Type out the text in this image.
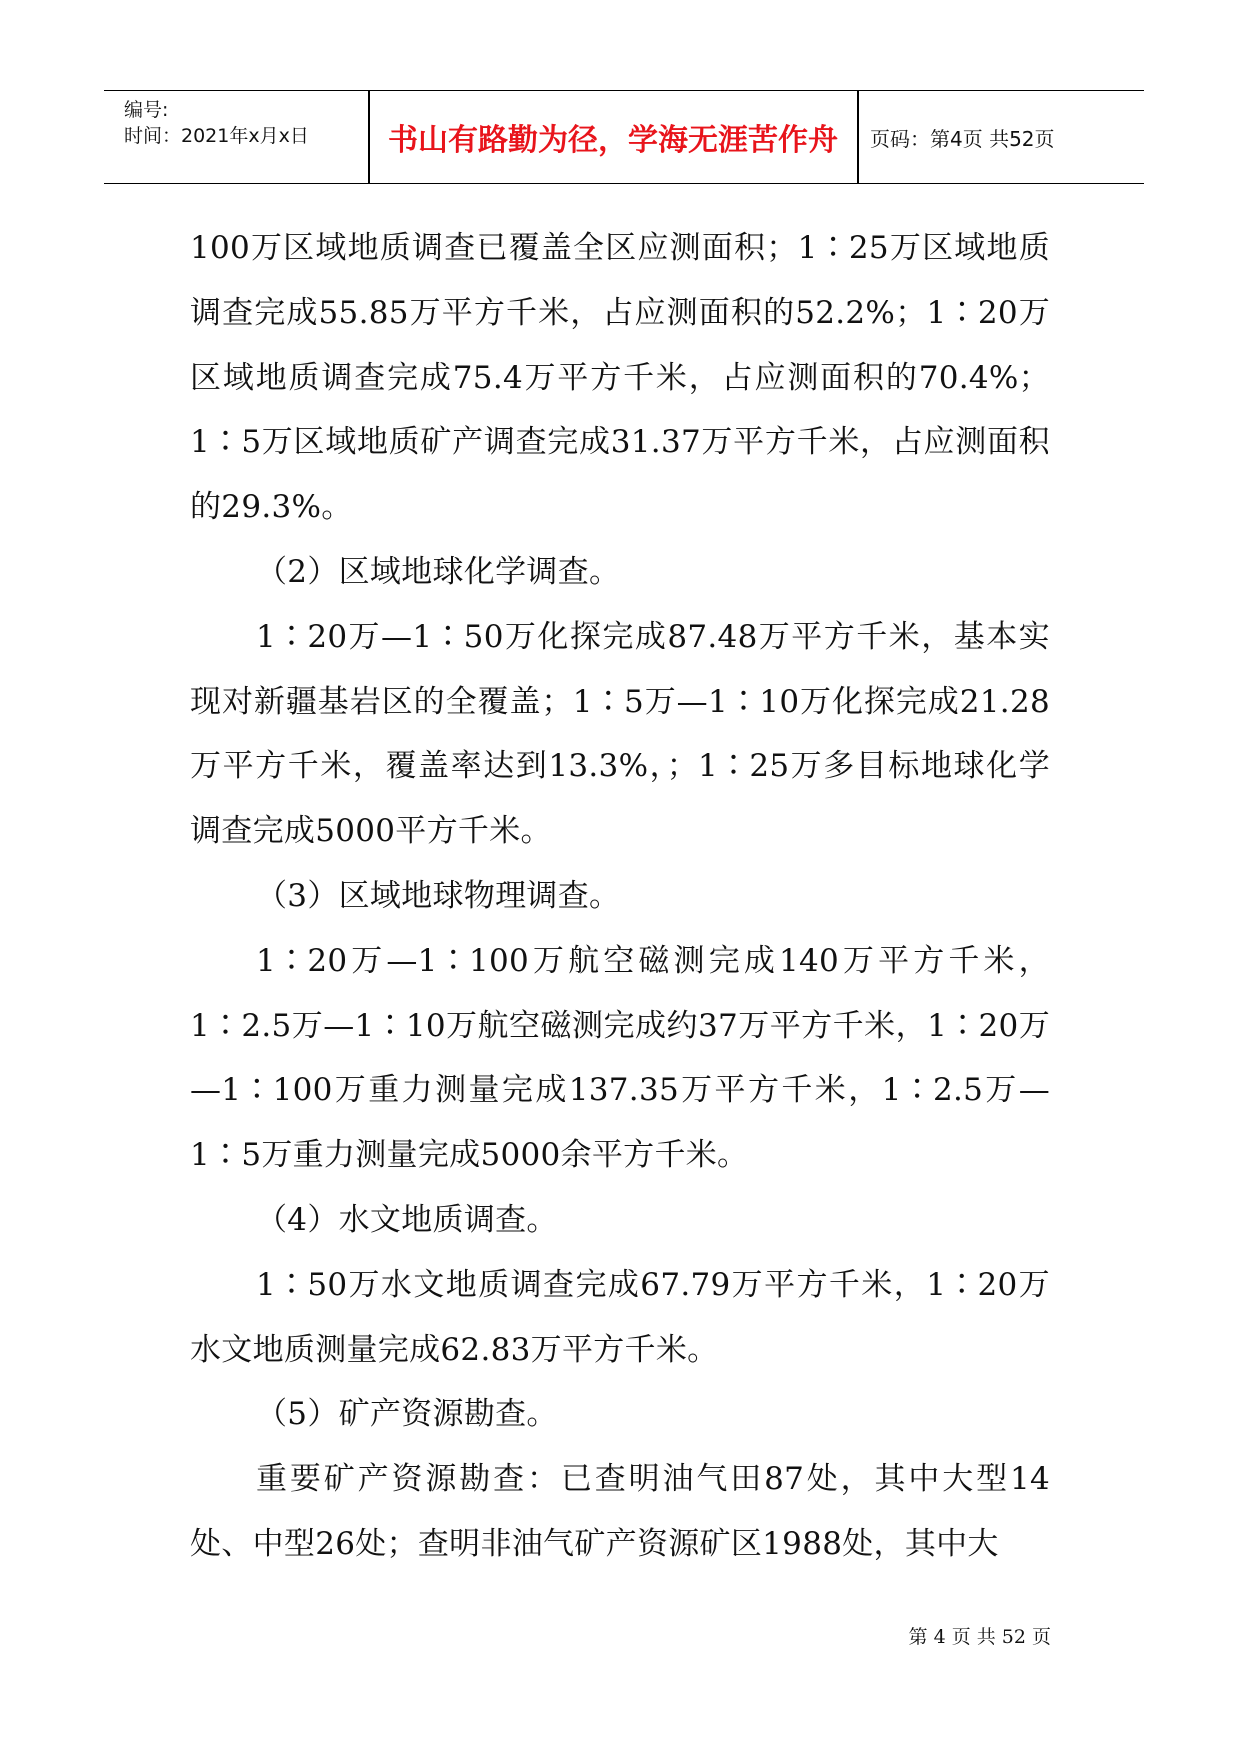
编号:
时间：2021年x月x日	书山有路勤为径，学海无涯苦作舟	页码：第4页 共52页

100万区域地质调查已覆盖全区应测面积；1∶25万区域地质调查完成55.85万平方千米，占应测面积的52.2%；1∶20万区域地质调查完成75.4万平方千米，占应测面积的70.4%；1∶5万区域地质矿产调查完成31.37万平方千米，占应测面积的29.3%。

（2）区域地球化学调查。

1∶20万—1∶50万化探完成87.48万平方千米，基本实现对新疆基岩区的全覆盖；1∶5万—1∶10万化探完成21.28万平方千米，覆盖率达到13.3%，；1∶25万多目标地球化学调查完成5000平方千米。

（3）区域地球物理调查。

1∶20万—1∶100万航空磁测完成140万平方千米，1∶2.5万—1∶10万航空磁测完成约37万平方千米，1∶20万—1∶100万重力测量完成137.35万平方千米，1∶2.5万—1∶5万重力测量完成5000余平方千米。

（4）水文地质调查。

1∶50万水文地质调查完成67.79万平方千米，1∶20万水文地质测量完成62.83万平方千米。

（5）矿产资源勘查。

重要矿产资源勘查：已查明油气田87处，其中大型14处、中型26处；查明非油气矿产资源矿区1988处，其中大

第 4 页 共 52 页
